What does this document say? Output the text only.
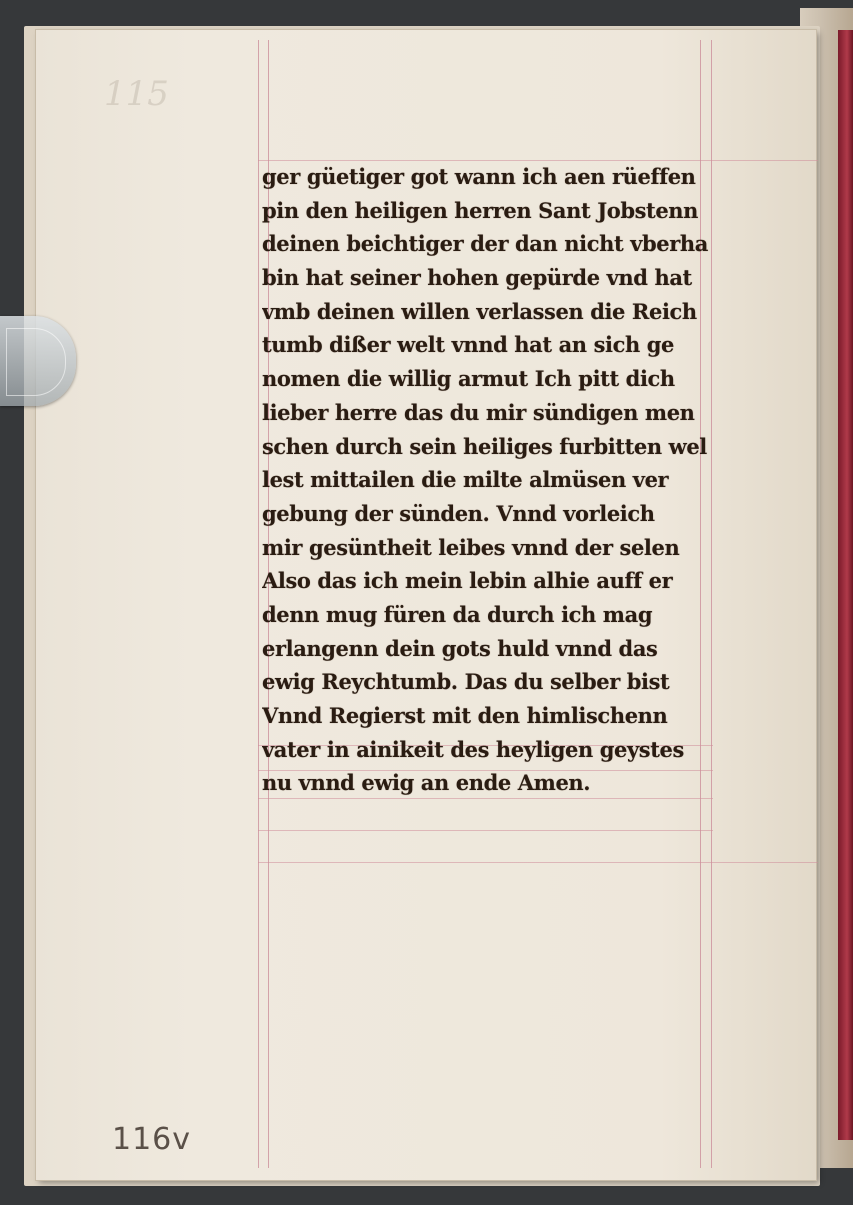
115
ger güetiger got wann ich aen rüeffen
pin den heiligen herren Sant Jobstenn
deinen beichtiger der dan nicht vberha
bin hat seiner hohen gepürde vnd hat
vmb deinen willen verlassen die Reich
tumb dißer welt vnnd hat an sich ge
nomen die willig armut Ich pitt dich
lieber herre das du mir sündigen men
schen durch sein heiliges furbitten wel
lest mittailen die milte almüsen ver
gebung der sünden. Vnnd vorleich
mir gesüntheit leibes vnnd der selen
Also das ich mein lebin alhie auff er
denn mug füren da durch ich mag
erlangenn dein gots huld vnnd das
ewig Reychtumb. Das du selber bist
Vnnd Regierst mit den himlischenn
vater in ainikeit des heyligen geystes
nu vnnd ewig an ende Amen.
116v
